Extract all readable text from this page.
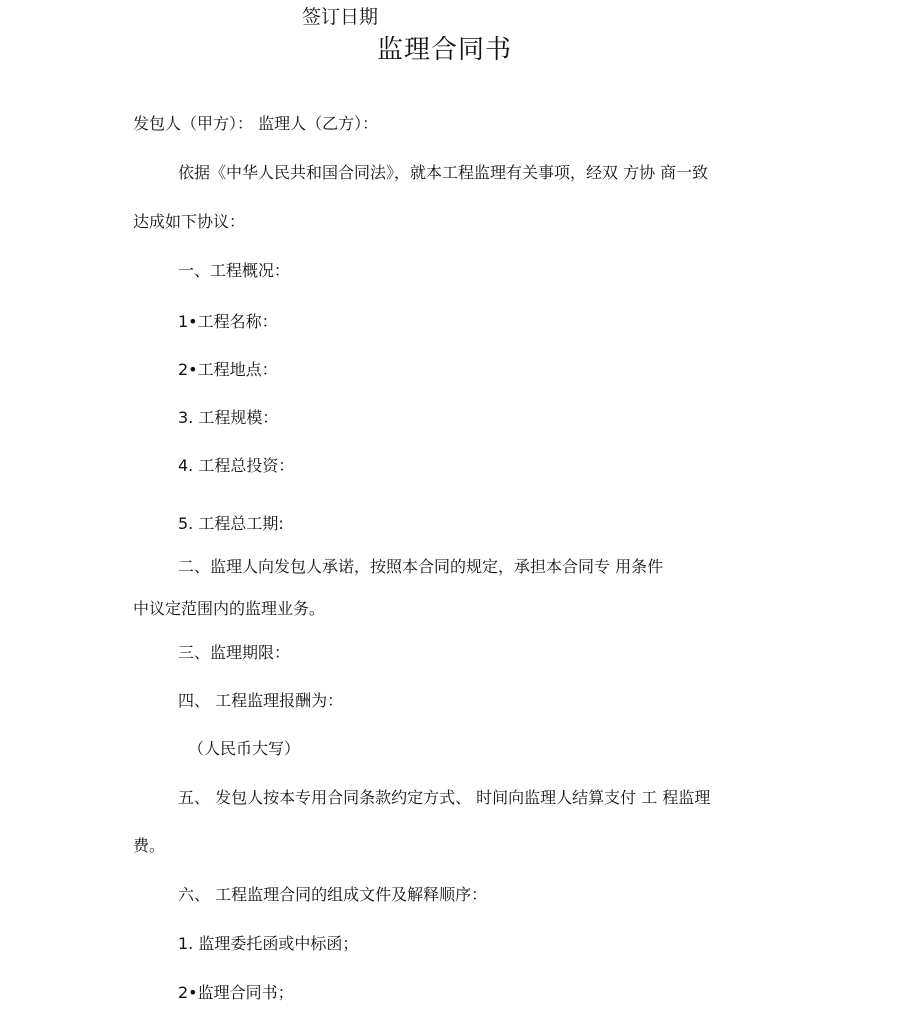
签订日期
监理合同书
发包人（甲方）： 监理人（乙方）：
依据《中华人民共和国合同法》，就本工程监理有关事项，经双 方协 商一致
达成如下协议：
一、工程概况：
1•工程名称：
2•工程地点：
3. 工程规模：
4. 工程总投资：
5. 工程总工期:
二、监理人向发包人承诺，按照本合同的规定，承担本合同专 用条件
中议定范围内的监理业务。
三、监理期限：
四、 工程监理报酬为：
（人民币大写）
五、 发包人按本专用合同条款约定方式、 时间向监理人结算支付 工 程监理
费。
六、 工程监理合同的组成文件及解释顺序：
1. 监理委托函或中标函；
2•监理合同书；
